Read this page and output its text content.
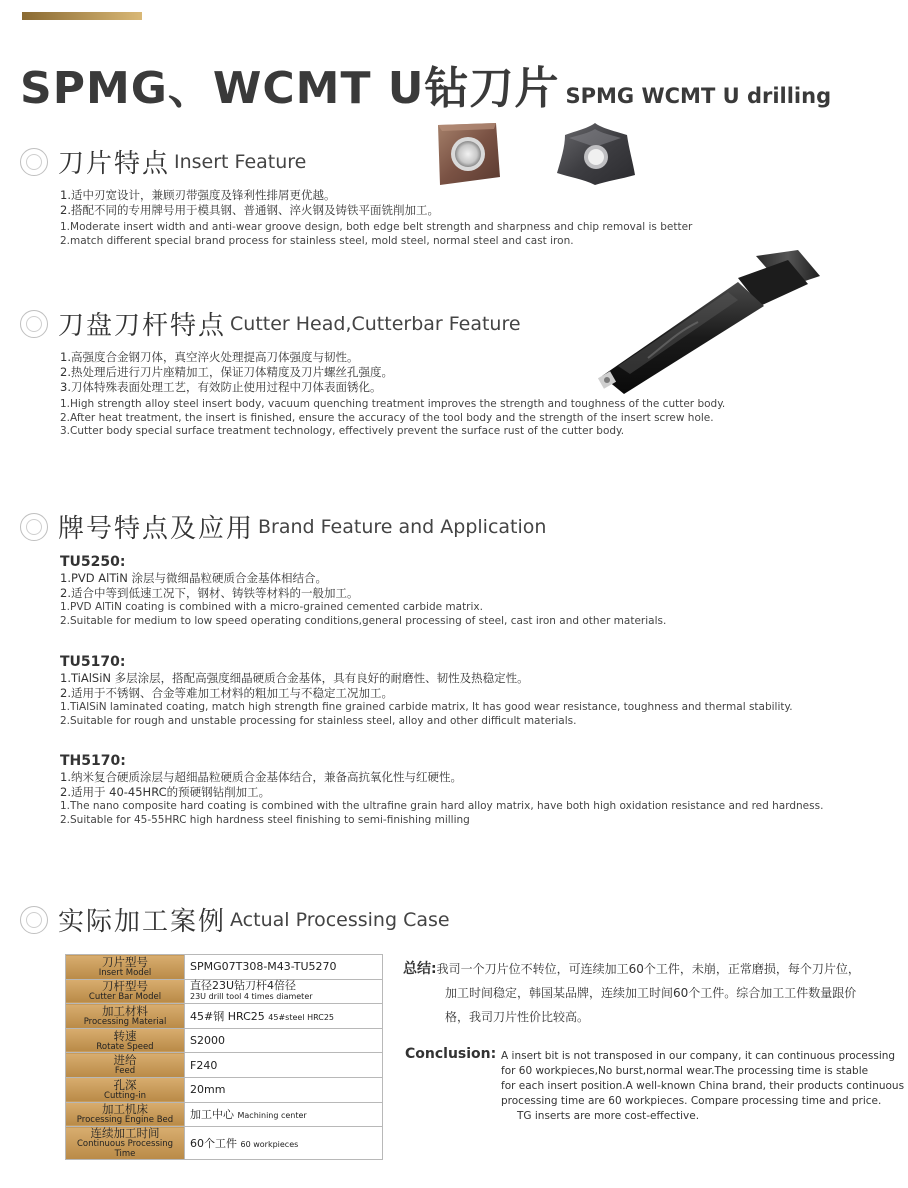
SPMG、WCMT U钻刀片 SPMG WCMT U drilling
刀片特点 Insert Feature
1.适中刃宽设计，兼顾刃带强度及锋利性排屑更优越。
2.搭配不同的专用牌号用于模具钢、普通钢、淬火钢及铸铁平面铣削加工。
1.Moderate insert width and anti-wear groove design, both edge belt strength and sharpness and chip removal is better
2.match different special brand process for stainless steel, mold steel, normal steel and cast iron.
刀盘刀杆特点 Cutter Head,Cutterbar Feature
1.高强度合金钢刀体，真空淬火处理提高刀体强度与韧性。
2.热处理后进行刀片座精加工，保证刀体精度及刀片螺丝孔强度。
3.刀体特殊表面处理工艺，有效防止使用过程中刀体表面锈化。
1.High strength alloy steel insert body, vacuum quenching treatment improves the strength and toughness of the cutter body.
2.After heat treatment, the insert is finished, ensure the accuracy of the tool body and the strength of the insert screw hole.
3.Cutter body special surface treatment technology, effectively prevent the surface rust of the cutter body.
牌号特点及应用 Brand Feature and Application
TU5250:
1.PVD AlTiN 涂层与微细晶粒硬质合金基体相结合。
2.适合中等到低速工况下，钢材、铸铁等材料的一般加工。
1.PVD AlTiN coating is combined with a micro-grained cemented carbide matrix.
2.Suitable for medium to low speed operating conditions,general processing of steel, cast iron and other materials.
TU5170:
1.TiAlSiN 多层涂层，搭配高强度细晶硬质合金基体，具有良好的耐磨性、韧性及热稳定性。
2.适用于不锈钢、合金等难加工材料的粗加工与不稳定工况加工。
1.TiAlSiN laminated coating, match high strength fine grained carbide matrix, It has good wear resistance, toughness and thermal stability.
2.Suitable for rough and unstable processing for stainless steel, alloy and other difficult materials.
TH5170:
1.纳米复合硬质涂层与超细晶粒硬质合金基体结合，兼备高抗氧化性与红硬性。
2.适用于 40-45HRC的预硬钢钻削加工。
1.The nano composite hard coating is combined with the ultrafine grain hard alloy matrix, have both high oxidation resistance and red hardness.
2.Suitable for 45-55HRC high hardness steel finishing to semi-finishing milling
实际加工案例 Actual Processing Case
刀片型号
Insert Model	SPMG07T308-M43-TU5270

刀杆型号
Cutter Bar Model	直径23U钻刀杆4倍径
23U drill tool 4 times diameter

加工材料
Processing Material	45#钢 HRC25 45#steel HRC25

转速
Rotate Speed	S2000

进给
Feed	F240

孔深
Cutting-in	20mm

加工机床
Processing Engine Bed	加工中心 Machining center

连续加工时间
Continuous Processing Time	60个工件 60 workpieces
总结:我司一个刀片位不转位，可连续加工60个工件，未崩，正常磨损，每个刀片位，
加工时间稳定，韩国某品牌，连续加工时间60个工件。综合加工工件数量跟价
格，我司刀片性价比较高。
Conclusion: A insert bit is not transposed in our company, it can continuous processing
for 60 workpieces,No burst,normal wear.The processing time is stable
for each insert position.A well-known China brand, their products continuous
processing time are 60 workpieces. Compare processing time and price.
TG inserts are more cost-effective.
